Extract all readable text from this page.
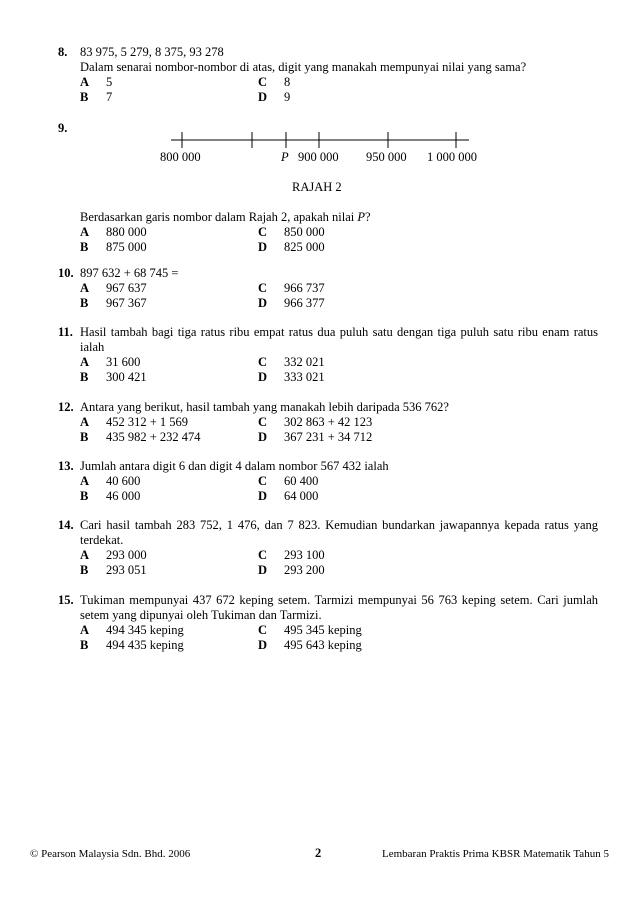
8. 83 975, 5 279, 8 375, 93 278
Dalam senarai nombor-nombor di atas, digit yang manakah mempunyai nilai yang sama?
A 5	C 8
B 7	D 9
9.
800 000	P 900 000 950 000 1 000 000
RAJAH 2
Berdasarkan garis nombor dalam Rajah 2, apakah nilai P?
A 880 000	C 850 000
B 875 000	D 825 000
10. 897 632 + 68 745 =
A 967 637	C 966 737
B 967 367	D 966 377
11. Hasil tambah bagi tiga ratus ribu empat ratus dua puluh satu dengan tiga puluh satu ribu enam ratus ialah
A 31 600	C 332 021
B 300 421	D 333 021
12. Antara yang berikut, hasil tambah yang manakah lebih daripada 536 762?
A 452 312 + 1 569	C 302 863 + 42 123
B 435 982 + 232 474	D 367 231 + 34 712
13. Jumlah antara digit 6 dan digit 4 dalam nombor 567 432 ialah
A 40 600	C 60 400
B 46 000	D 64 000
14. Cari hasil tambah 283 752, 1 476, dan 7 823. Kemudian bundarkan jawapannya kepada ratus yang terdekat.
A 293 000	C 293 100
B 293 051	D 293 200
15. Tukiman mempunyai 437 672 keping setem. Tarmizi mempunyai 56 763 keping setem. Cari jumlah setem yang dipunyai oleh Tukiman dan Tarmizi.
A 494 345 keping	C 495 345 keping
B 494 435 keping	D 495 643 keping
© Pearson Malaysia Sdn. Bhd. 2006	2	Lembaran Praktis Prima KBSR Matematik Tahun 5
